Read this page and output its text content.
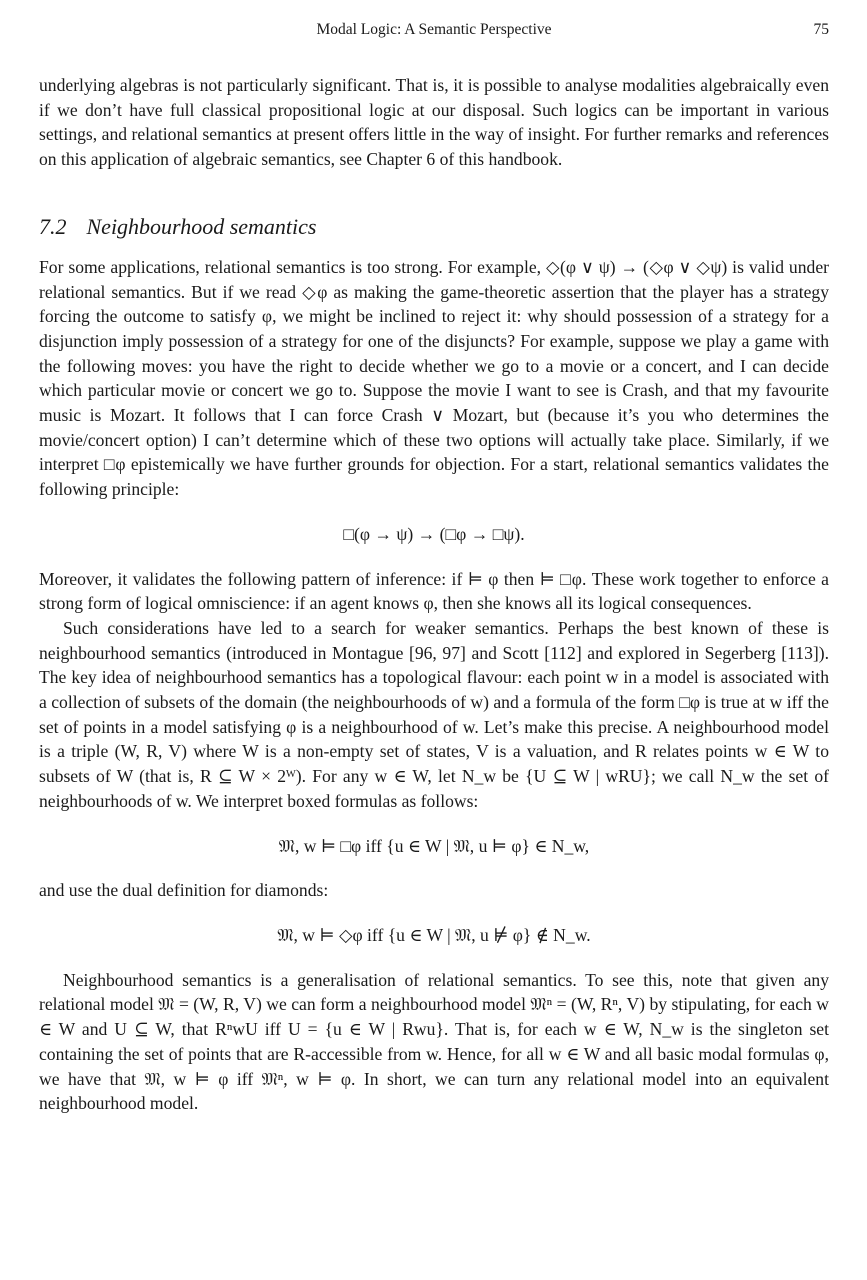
Modal Logic: A Semantic Perspective	75

underlying algebras is not particularly significant. That is, it is possible to analyse modalities algebraically even if we don’t have full classical propositional logic at our disposal. Such logics can be important in various settings, and relational semantics at present offers little in the way of insight. For further remarks and references on this application of algebraic semantics, see Chapter 6 of this handbook.

7.2 Neighbourhood semantics

For some applications, relational semantics is too strong. For example, ◇(φ ∨ ψ) → (◇φ ∨ ◇ψ) is valid under relational semantics. But if we read ◇φ as making the game-theoretic assertion that the player has a strategy forcing the outcome to satisfy φ, we might be inclined to reject it: why should possession of a strategy for a disjunction imply possession of a strategy for one of the disjuncts? For example, suppose we play a game with the following moves: you have the right to decide whether we go to a movie or a concert, and I can decide which particular movie or concert we go to. Suppose the movie I want to see is Crash, and that my favourite music is Mozart. It follows that I can force Crash ∨ Mozart, but (because it’s you who determines the movie/concert option) I can’t determine which of these two options will actually take place. Similarly, if we interpret □φ epistemically we have further grounds for objection. For a start, relational semantics validates the following principle:

□(φ → ψ) → (□φ → □ψ).

Moreover, it validates the following pattern of inference: if ⊨ φ then ⊨ □φ. These work together to enforce a strong form of logical omniscience: if an agent knows φ, then she knows all its logical consequences.

Such considerations have led to a search for weaker semantics. Perhaps the best known of these is neighbourhood semantics (introduced in Montague [96, 97] and Scott [112] and explored in Segerberg [113]). The key idea of neighbourhood semantics has a topological flavour: each point w in a model is associated with a collection of subsets of the domain (the neighbourhoods of w) and a formula of the form □φ is true at w iff the set of points in a model satisfying φ is a neighbourhood of w. Let’s make this precise. A neighbourhood model is a triple (W, R, V) where W is a non-empty set of states, V is a valuation, and R relates points w ∈ W to subsets of W (that is, R ⊆ W × 2ᵂ). For any w ∈ W, let N_w be {U ⊆ W | wRU}; we call N_w the set of neighbourhoods of w. We interpret boxed formulas as follows:

𝔐, w ⊨ □φ iff {u ∈ W | 𝔐, u ⊨ φ} ∈ N_w,

and use the dual definition for diamonds:

𝔐, w ⊨ ◇φ iff {u ∈ W | 𝔐, u ⊭ φ} ∉ N_w.

Neighbourhood semantics is a generalisation of relational semantics. To see this, note that given any relational model 𝔐 = (W, R, V) we can form a neighbourhood model 𝔐ⁿ = (W, Rⁿ, V) by stipulating, for each w ∈ W and U ⊆ W, that RⁿwU iff U = {u ∈ W | Rwu}. That is, for each w ∈ W, N_w is the singleton set containing the set of points that are R-accessible from w. Hence, for all w ∈ W and all basic modal formulas φ, we have that 𝔐, w ⊨ φ iff 𝔐ⁿ, w ⊨ φ. In short, we can turn any relational model into an equivalent neighbourhood model.
